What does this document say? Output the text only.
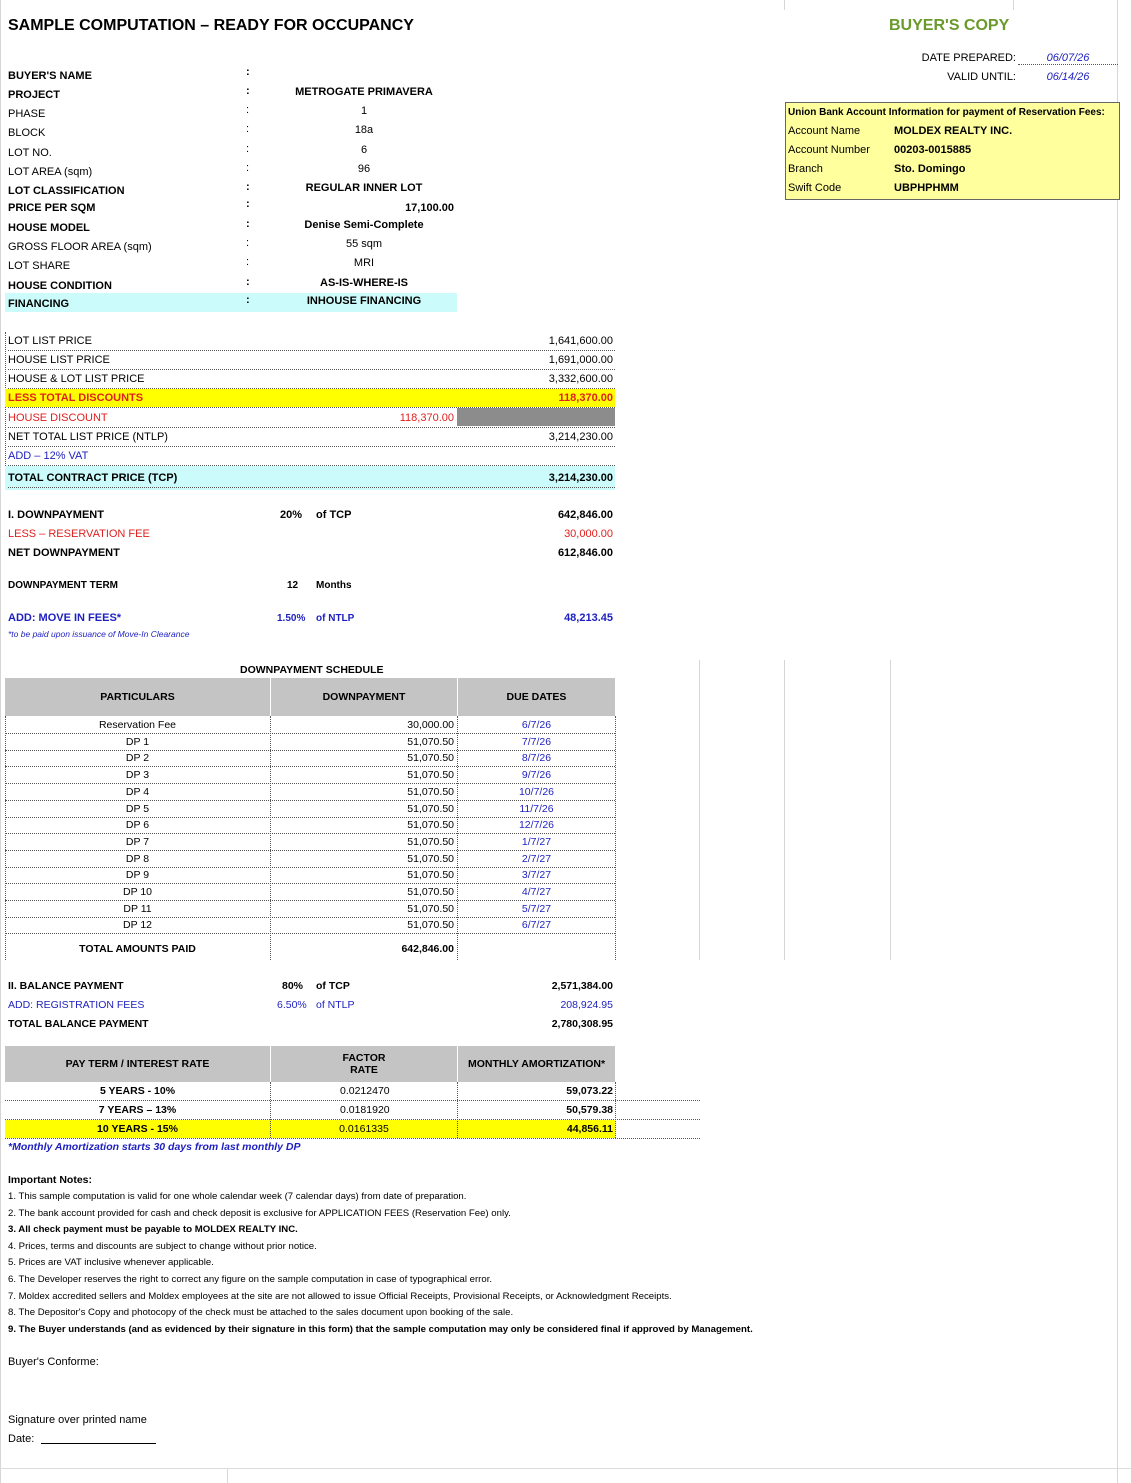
SAMPLE COMPUTATION – READY FOR OCCUPANCY	BUYER'S COPY
DATE PREPARED:	06/07/26
VALID UNTIL:	06/14/26
BUYER'S NAME	:
PROJECT	:	METROGATE PRIMAVERA
PHASE	:	1
BLOCK	:	18a
LOT NO.	:	6
LOT AREA (sqm)	:	96
LOT CLASSIFICATION	:	REGULAR INNER LOT
PRICE PER SQM	:	17,100.00
HOUSE MODEL	:	Denise Semi-Complete
GROSS FLOOR AREA (sqm)	:	55 sqm
LOT SHARE	:	MRI
HOUSE CONDITION	:	AS-IS-WHERE-IS
FINANCING	:	INHOUSE FINANCING
Union Bank Account Information for payment of Reservation Fees:
Account Name	MOLDEX REALTY INC.
Account Number 00203-0015885
Branch	Sto. Domingo
Swift Code	UBPHPHMM
LOT LIST PRICE	1,641,600.00
HOUSE LIST PRICE	1,691,000.00
HOUSE & LOT LIST PRICE	3,332,600.00
LESS TOTAL DISCOUNTS	118,370.00
HOUSE DISCOUNT	118,370.00
NET TOTAL LIST PRICE (NTLP)	3,214,230.00
ADD – 12% VAT
TOTAL CONTRACT PRICE (TCP)	3,214,230.00
I. DOWNPAYMENT	20% of TCP	642,846.00
LESS – RESERVATION FEE	30,000.00
NET DOWNPAYMENT	612,846.00
DOWNPAYMENT TERM	12 Months
ADD: MOVE IN FEES*	1.50% of NTLP	48,213.45
*to be paid upon issuance of Move-In Clearance
DOWNPAYMENT SCHEDULE
PARTICULARS	DOWNPAYMENT	DUE DATES
Reservation Fee	30,000.00	6/7/26
DP 1	51,070.50	7/7/26
DP 2	51,070.50	8/7/26
DP 3	51,070.50	9/7/26
DP 4	51,070.50	10/7/26
DP 5	51,070.50	11/7/26
DP 6	51,070.50	12/7/26
DP 7	51,070.50	1/7/27
DP 8	51,070.50	2/7/27
DP 9	51,070.50	3/7/27
DP 10	51,070.50	4/7/27
DP 11	51,070.50	5/7/27
DP 12	51,070.50	6/7/27
TOTAL AMOUNTS PAID	642,846.00
II. BALANCE PAYMENT	80% of TCP	2,571,384.00
ADD: REGISTRATION FEES	6.50% of NTLP	208,924.95
TOTAL BALANCE PAYMENT	2,780,308.95
PAY TERM / INTEREST RATE	FACTOR RATE	MONTHLY AMORTIZATION*
5 YEARS - 10%	0.0212470	59,073.22
7 YEARS – 13%	0.0181920	50,579.38
10 YEARS - 15%	0.0161335	44,856.11
*Monthly Amortization starts 30 days from last monthly DP
Important Notes:
1. This sample computation is valid for one whole calendar week (7 calendar days) from date of preparation.
2. The bank account provided for cash and check deposit is exclusive for APPLICATION FEES (Reservation Fee) only.
3. All check payment must be payable to MOLDEX REALTY INC.
4. Prices, terms and discounts are subject to change without prior notice.
5. Prices are VAT inclusive whenever applicable.
6. The Developer reserves the right to correct any figure on the sample computation in case of typographical error.
7. Moldex accredited sellers and Moldex employees at the site are not allowed to issue Official Receipts, Provisional Receipts, or Acknowledgment Receipts.
8. The Depositor's Copy and photocopy of the check must be attached to the sales document upon booking of the sale.
9. The Buyer understands (and as evidenced by their signature in this form) that the sample computation may only be considered final if approved by Management.
Buyer's Conforme:
Signature over printed name
Date:
